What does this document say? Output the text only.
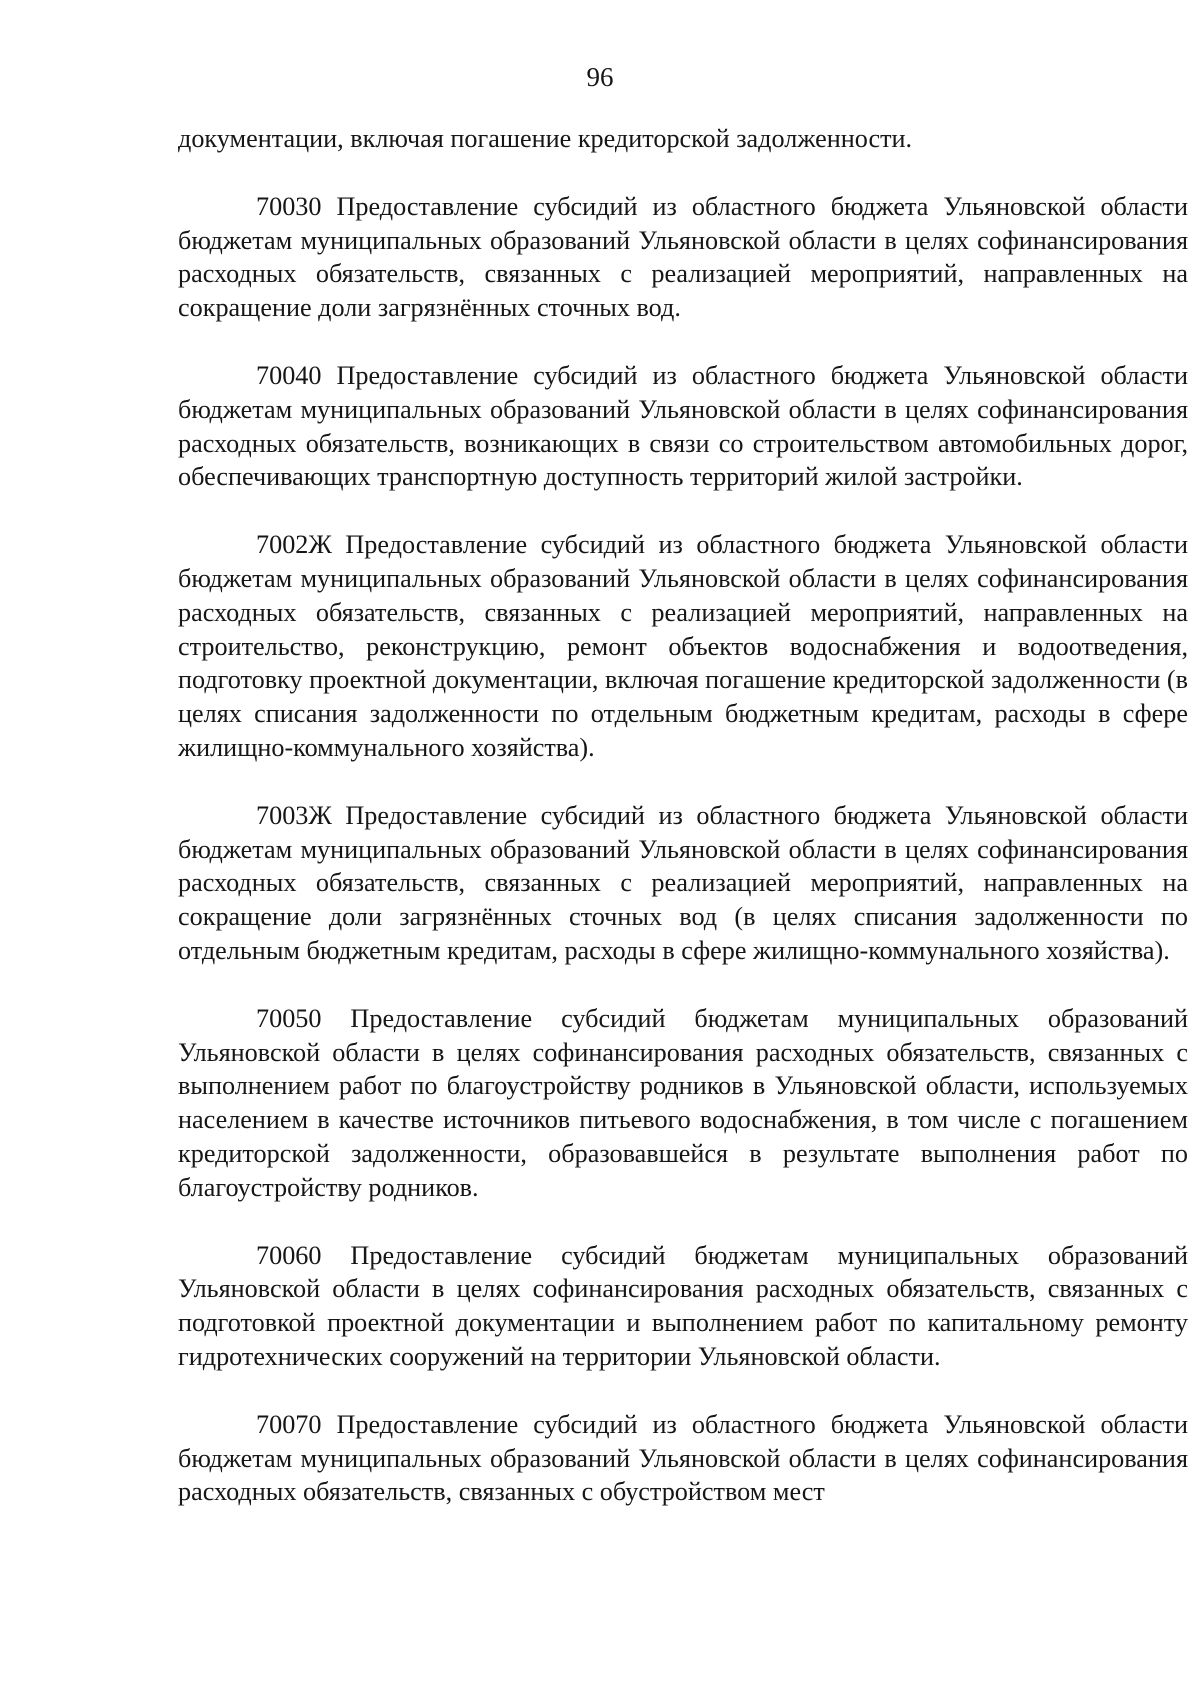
96

документации, включая погашение кредиторской задолженности.

70030 Предоставление субсидий из областного бюджета Ульяновской области бюджетам муниципальных образований Ульяновской области в целях софинансирования расходных обязательств, связанных с реализацией мероприятий, направленных на сокращение доли загрязнённых сточных вод.

70040 Предоставление субсидий из областного бюджета Ульяновской области бюджетам муниципальных образований Ульяновской области в целях софинансирования расходных обязательств, возникающих в связи со строительством автомобильных дорог, обеспечивающих транспортную доступность территорий жилой застройки.

7002Ж Предоставление субсидий из областного бюджета Ульяновской области бюджетам муниципальных образований Ульяновской области в целях софинансирования расходных обязательств, связанных с реализацией мероприятий, направленных на строительство, реконструкцию, ремонт объектов водоснабжения и водоотведения, подготовку проектной документации, включая погашение кредиторской задолженности (в целях списания задолженности по отдельным бюджетным кредитам, расходы в сфере жилищно-коммунального хозяйства).

7003Ж Предоставление субсидий из областного бюджета Ульяновской области бюджетам муниципальных образований Ульяновской области в целях софинансирования расходных обязательств, связанных с реализацией мероприятий, направленных на сокращение доли загрязнённых сточных вод (в целях списания задолженности по отдельным бюджетным кредитам, расходы в сфере жилищно-коммунального хозяйства).

70050 Предоставление субсидий бюджетам муниципальных образований Ульяновской области в целях софинансирования расходных обязательств, связанных с выполнением работ по благоустройству родников в Ульяновской области, используемых населением в качестве источников питьевого водоснабжения, в том числе с погашением кредиторской задолженности, образовавшейся в результате выполнения работ по благоустройству родников.

70060 Предоставление субсидий бюджетам муниципальных образований Ульяновской области в целях софинансирования расходных обязательств, связанных с подготовкой проектной документации и выполнением работ по капитальному ремонту гидротехнических сооружений на территории Ульяновской области.

70070 Предоставление субсидий из областного бюджета Ульяновской области бюджетам муниципальных образований Ульяновской области в целях софинансирования расходных обязательств, связанных с обустройством мест
